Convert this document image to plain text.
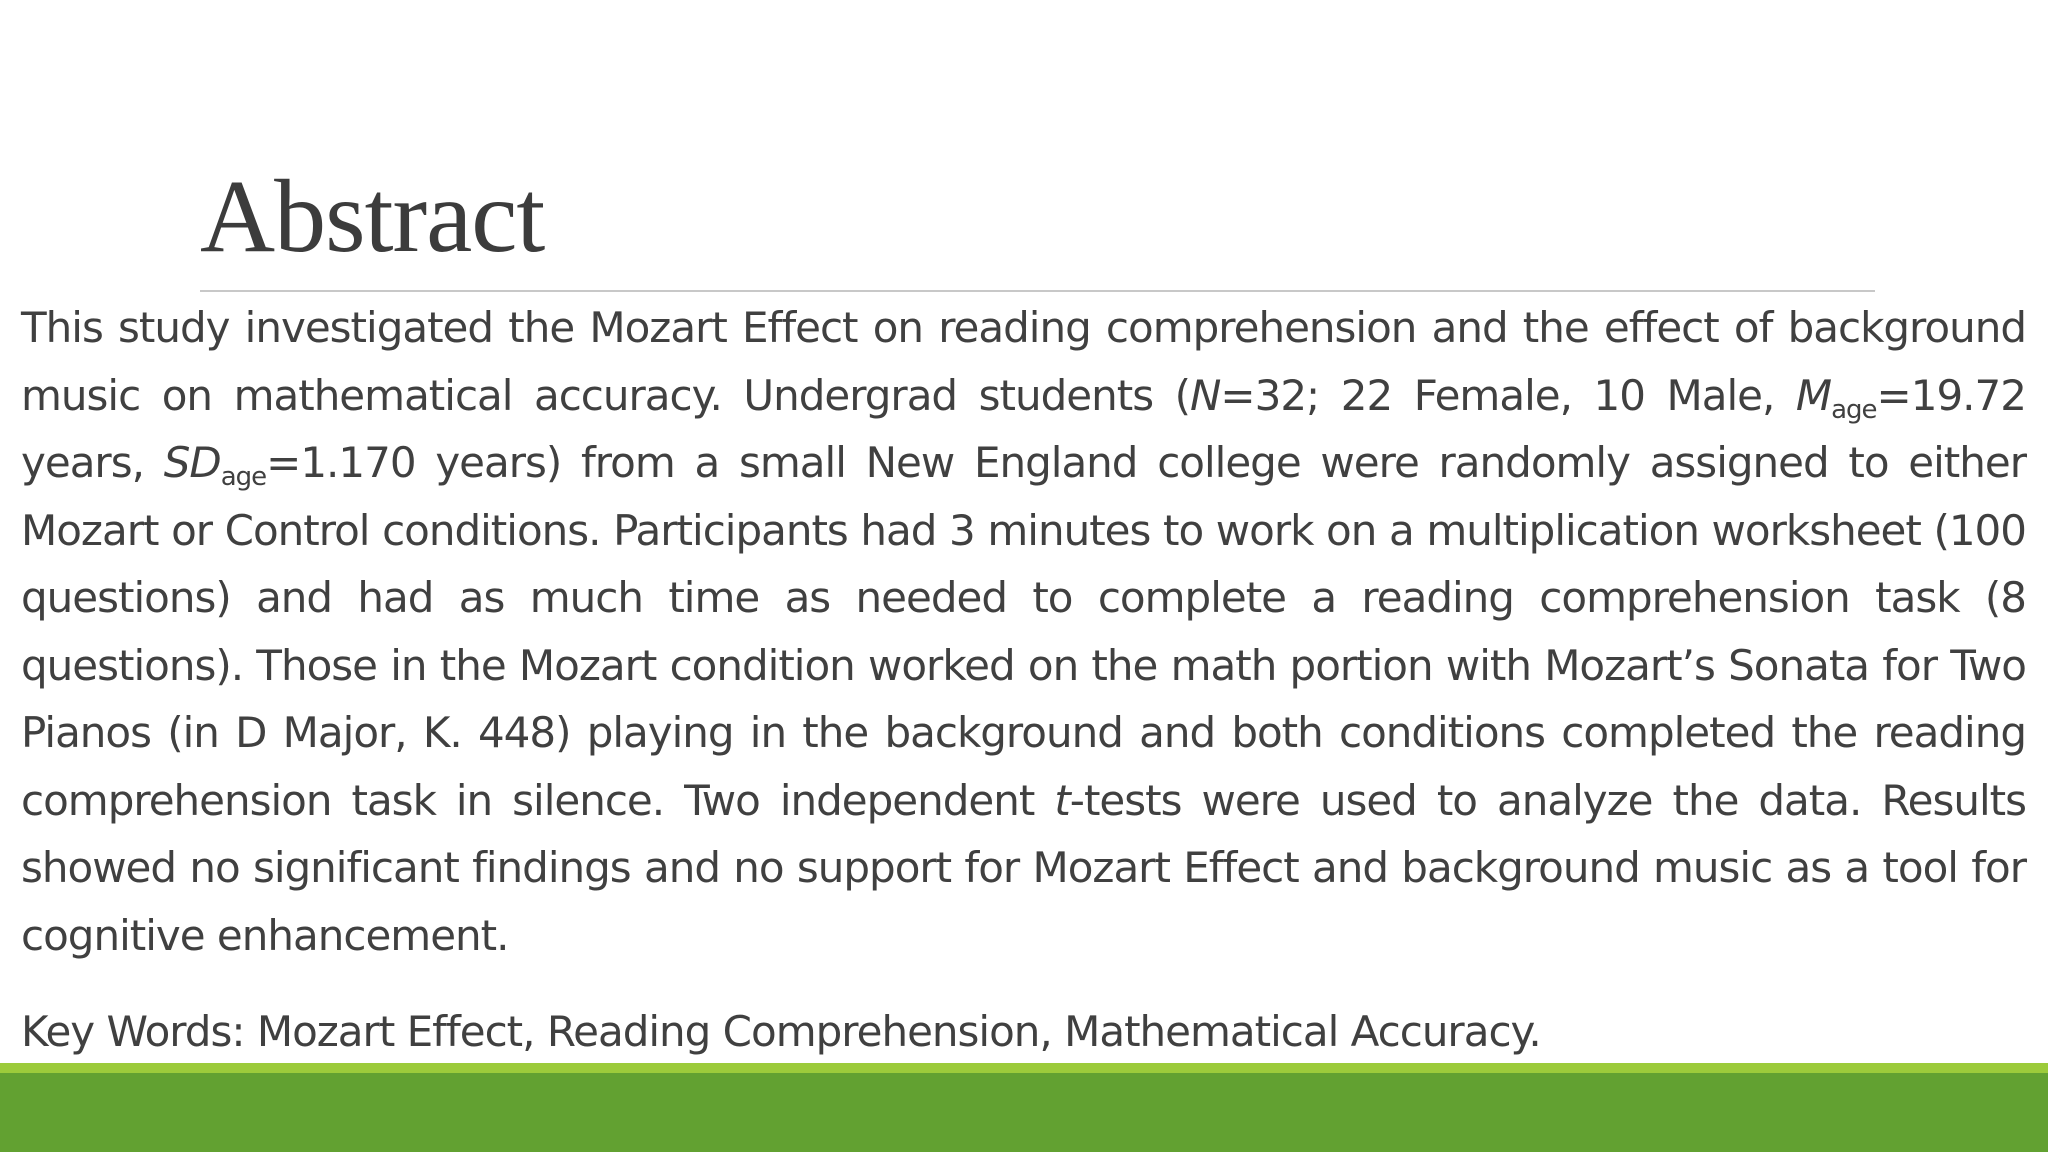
Abstract

This study investigated the Mozart Effect on reading comprehension and the effect of background music on mathematical accuracy. Undergrad students (N=32; 22 Female, 10 Male, $M_{age}=19.72$ years, $SD_{age}=1.170$ years) from a small New England college were randomly assigned to either Mozart or Control conditions. Participants had 3 minutes to work on a multiplication worksheet (100 questions) and had as much time as needed to complete a reading comprehension task (8 questions). Those in the Mozart condition worked on the math portion with Mozart’s Sonata for Two Pianos (in D Major, K. 448) playing in the background and both conditions completed the reading comprehension task in silence. Two independent t-tests were used to analyze the data. Results showed no significant findings and no support for Mozart Effect and background music as a tool for cognitive enhancement.

Key Words: Mozart Effect, Reading Comprehension, Mathematical Accuracy.
